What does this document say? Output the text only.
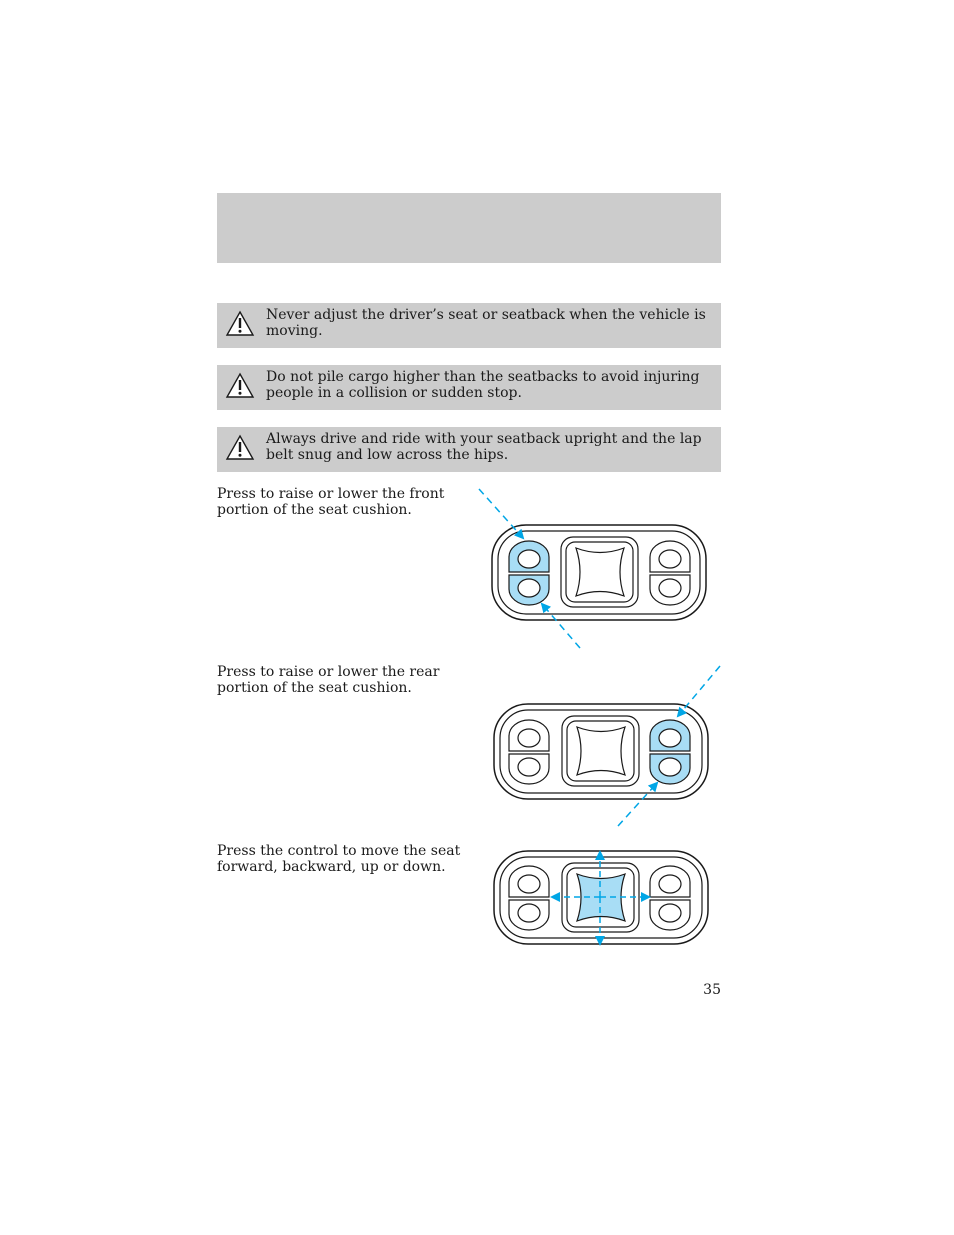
Never adjust the driver’s seat or seatback when the vehicle is moving.
Do not pile cargo higher than the seatbacks to avoid injuring people in a collision or sudden stop.
Always drive and ride with your seatback upright and the lap belt snug and low across the hips.
Press to raise or lower the front portion of the seat cushion.
Press to raise or lower the rear portion of the seat cushion.
Press the control to move the seat forward, backward, up or down.
35
